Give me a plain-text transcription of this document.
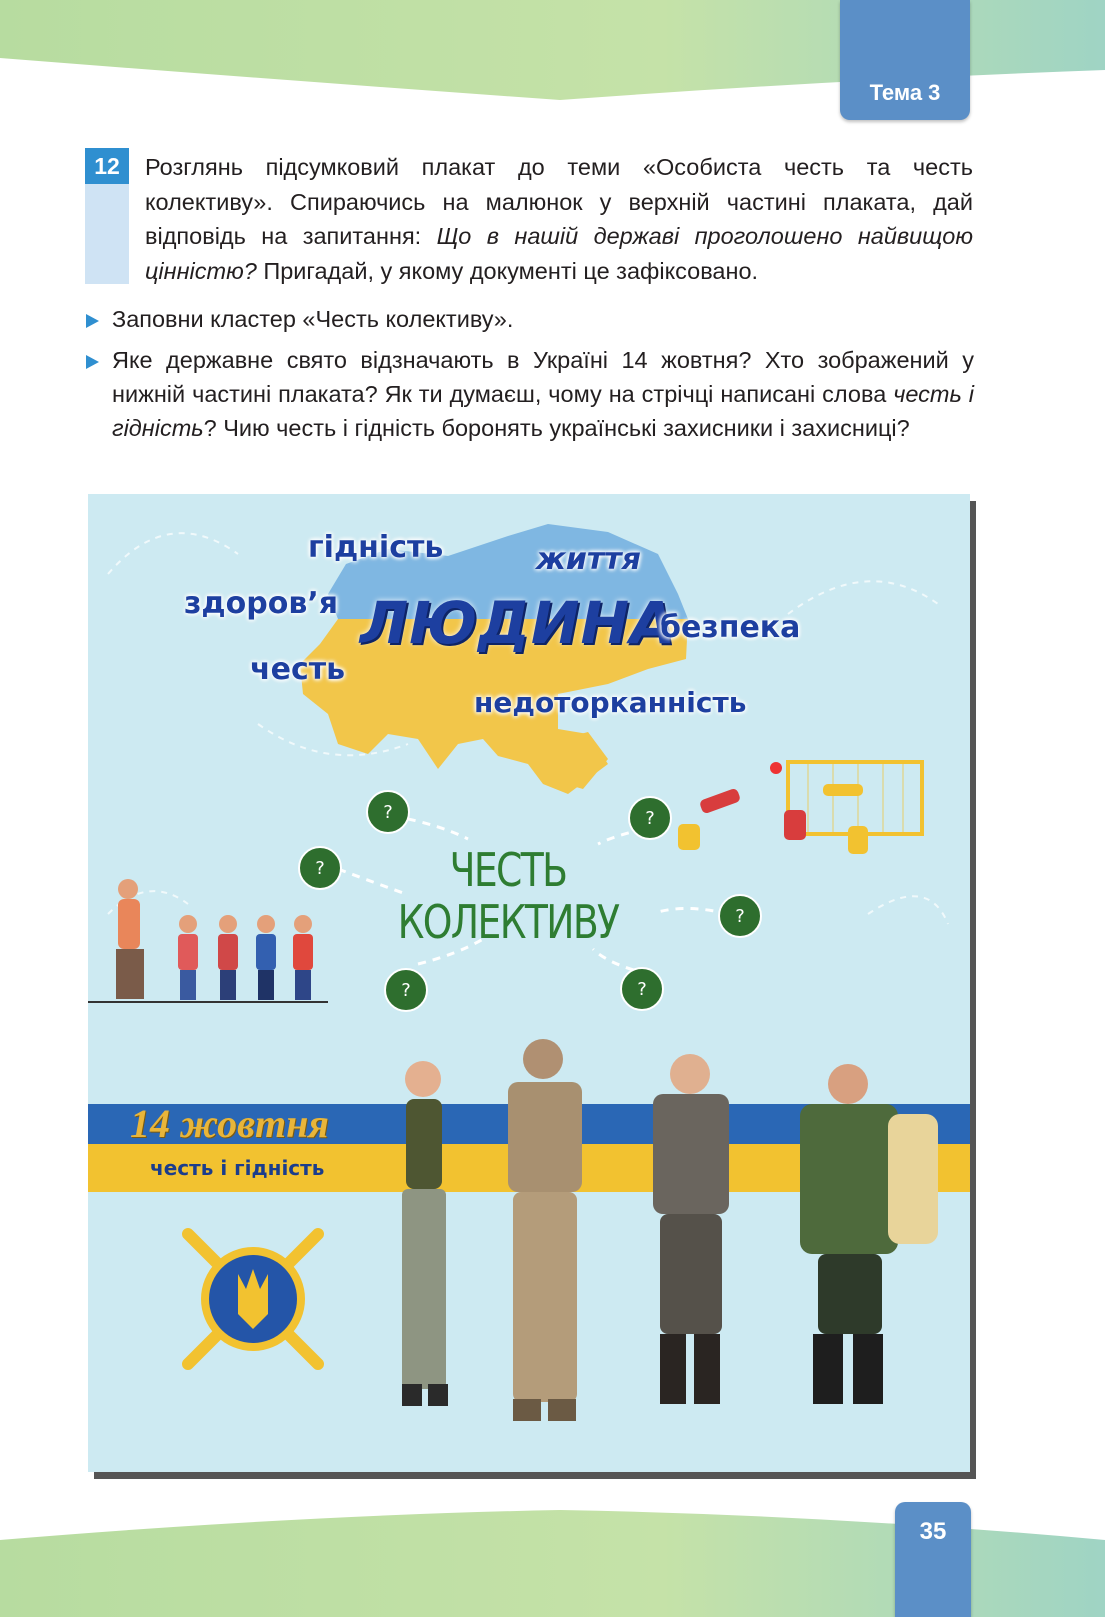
Тема 3
12	Розглянь підсумковий плакат до теми «Особиста честь та честь колективу». Спираючись на малюнок у верхній частині плаката, дай відповідь на запитання: Що в нашій державі проголошено найвищою цінністю? Пригадай, у якому документі це зафіксовано.
Заповни кластер «Честь колективу».
Яке державне свято відзначають в Україні 14 жовтня? Хто зображений у нижній частині плаката? Як ти думаєш, чому на стрічці написані слова честь і гідність? Чию честь і гідність боронять українські захисники і захисниці?
гідність	життя
здоров’я ЛЮДИНА
безпека
честь
недоторканність
ЧЕСТЬ
КОЛЕКТИВУ
?
?
?
?
?
?
14 жовтня
честь і гідність
35
